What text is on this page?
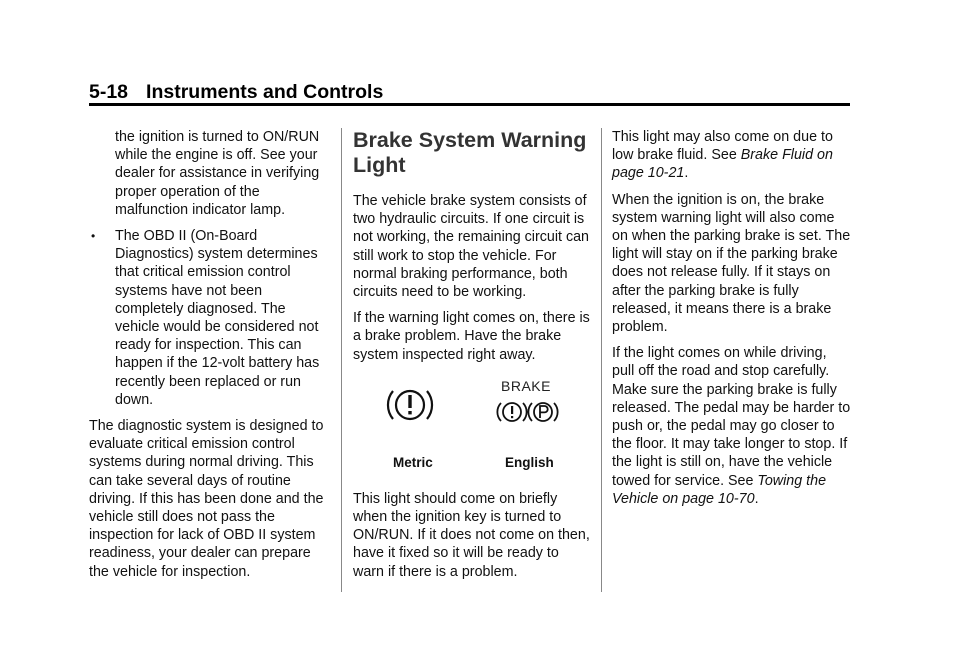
5-18 Instruments and Controls

the ignition is turned to ON/RUN while the engine is off. See your dealer for assistance in verifying proper operation of the malfunction indicator lamp.

• The OBD II (On-Board Diagnostics) system determines that critical emission control systems have not been completely diagnosed. The vehicle would be considered not ready for inspection. This can happen if the 12-volt battery has recently been replaced or run down.

The diagnostic system is designed to evaluate critical emission control systems during normal driving. This can take several days of routine driving. If this has been done and the vehicle still does not pass the inspection for lack of OBD II system readiness, your dealer can prepare the vehicle for inspection.

Brake System Warning Light

The vehicle brake system consists of two hydraulic circuits. If one circuit is not working, the remaining circuit can still work to stop the vehicle. For normal braking performance, both circuits need to be working.

If the warning light comes on, there is a brake problem. Have the brake system inspected right away.

BRAKE
Metric	English

This light should come on briefly when the ignition key is turned to ON/RUN. If it does not come on then, have it fixed so it will be ready to warn if there is a problem.

This light may also come on due to low brake fluid. See Brake Fluid on page 10-21.

When the ignition is on, the brake system warning light will also come on when the parking brake is set. The light will stay on if the parking brake does not release fully. If it stays on after the parking brake is fully released, it means there is a brake problem.

If the light comes on while driving, pull off the road and stop carefully. Make sure the parking brake is fully released. The pedal may be harder to push or, the pedal may go closer to the floor. It may take longer to stop. If the light is still on, have the vehicle towed for service. See Towing the Vehicle on page 10-70.
